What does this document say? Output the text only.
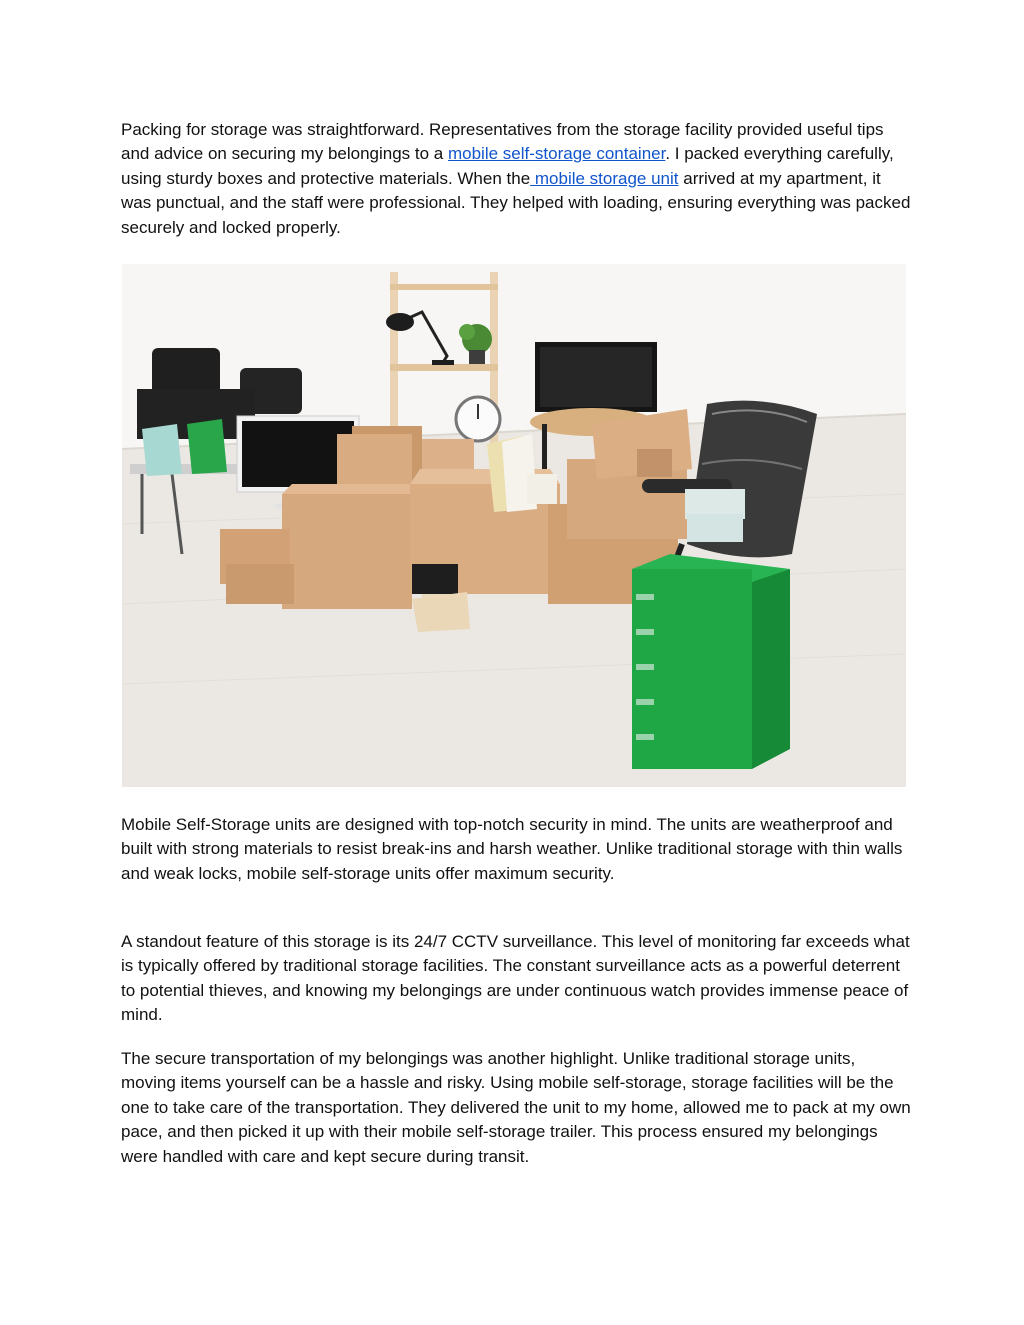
Packing for storage was straightforward. Representatives from the storage facility provided useful tips and advice on securing my belongings to a mobile self-storage container. I packed everything carefully, using sturdy boxes and protective materials. When the mobile storage unit arrived at my apartment, it was punctual, and the staff were professional. They helped with loading, ensuring everything was packed securely and locked properly.

Mobile Self-Storage units are designed with top-notch security in mind. The units are weatherproof and built with strong materials to resist break-ins and harsh weather. Unlike traditional storage with thin walls and weak locks, mobile self-storage units offer maximum security.

A standout feature of this storage is its 24/7 CCTV surveillance. This level of monitoring far exceeds what is typically offered by traditional storage facilities. The constant surveillance acts as a powerful deterrent to potential thieves, and knowing my belongings are under continuous watch provides immense peace of mind.

The secure transportation of my belongings was another highlight. Unlike traditional storage units, moving items yourself can be a hassle and risky. Using mobile self-storage, storage facilities will be the one to take care of the transportation. They delivered the unit to my home, allowed me to pack at my own pace, and then picked it up with their mobile self-storage trailer. This process ensured my belongings were handled with care and kept secure during transit.
